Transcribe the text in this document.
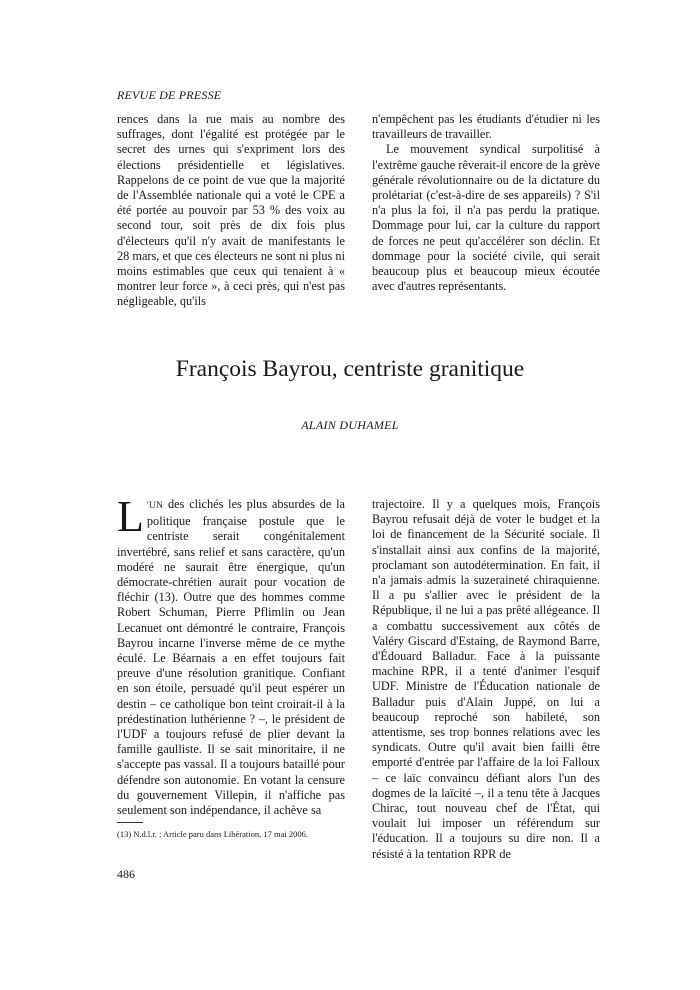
REVUE DE PRESSE
rences dans la rue mais au nombre des suffrages, dont l'égalité est protégée par le secret des urnes qui s'expriment lors des élections présidentielle et législatives. Rappelons de ce point de vue que la majorité de l'Assemblée nationale qui a voté le CPE a été portée au pouvoir par 53 % des voix au second tour, soit près de dix fois plus d'électeurs qu'il n'y avait de manifestants le 28 mars, et que ces électeurs ne sont ni plus ni moins estimables que ceux qui tenaient à « montrer leur force », à ceci près, qui n'est pas négligeable, qu'ils
n'empêchent pas les étudiants d'étudier ni les travailleurs de travailler.
Le mouvement syndical surpolitisé à l'extrême gauche rêverait-il encore de la grève générale révolutionnaire ou de la dictature du prolétariat (c'est-à-dire de ses appareils) ? S'il n'a plus la foi, il n'a pas perdu la pratique. Dommage pour lui, car la culture du rapport de forces ne peut qu'accélérer son déclin. Et dommage pour la société civile, qui serait beaucoup plus et beaucoup mieux écoutée avec d'autres représentants.
François Bayrou, centriste granitique
ALAIN DUHAMEL
L 'UN des clichés les plus absurdes de la politique française postule que le centriste serait congénitalement invertébré, sans relief et sans caractère, qu'un modéré ne saurait être énergique, qu'un démocrate-chrétien aurait pour vocation de fléchir (13). Outre que des hommes comme Robert Schuman, Pierre Pflimlin ou Jean Lecanuet ont démontré le contraire, François Bayrou incarne l'inverse même de ce mythe éculé. Le Béarnais a en effet toujours fait preuve d'une résolution granitique. Confiant en son étoile, persuadé qu'il peut espérer un destin – ce catholique bon teint croirait-il à la prédestination luthérienne ? –, le président de l'UDF a toujours refusé de plier devant la famille gaulliste. Il se sait minoritaire, il ne s'accepte pas vassal. Il a toujours bataillé pour défendre son autonomie. En votant la censure du gouvernement Villepin, il n'affiche pas seulement son indépendance, il achève sa
trajectoire. Il y a quelques mois, François Bayrou refusait déjà de voter le budget et la loi de financement de la Sécurité sociale. Il s'installait ainsi aux confins de la majorité, proclamant son autodétermination. En fait, il n'a jamais admis la suzeraineté chiraquienne. Il a pu s'allier avec le président de la République, il ne lui a pas prêté allégeance. Il a combattu successivement aux côtés de Valéry Giscard d'Estaing, de Raymond Barre, d'Édouard Balladur. Face à la puissante machine RPR, il a tenté d'animer l'esquif UDF. Ministre de l'Éducation nationale de Balladur puis d'Alain Juppé, on lui a beaucoup reproché son habileté, son attentisme, ses trop bonnes relations avec les syndicats. Outre qu'il avait bien failli être emporté d'entrée par l'affaire de la loi Falloux – ce laïc convaincu défiant alors l'un des dogmes de la laïcité –, il a tenu tête à Jacques Chirac, tout nouveau chef de l'État, qui voulait lui imposer un référendum sur l'éducation. Il a toujours su dire non. Il a résisté à la tentation RPR de
(13) N.d.l.r. : Article paru dans Libération, 17 mai 2006.
486
